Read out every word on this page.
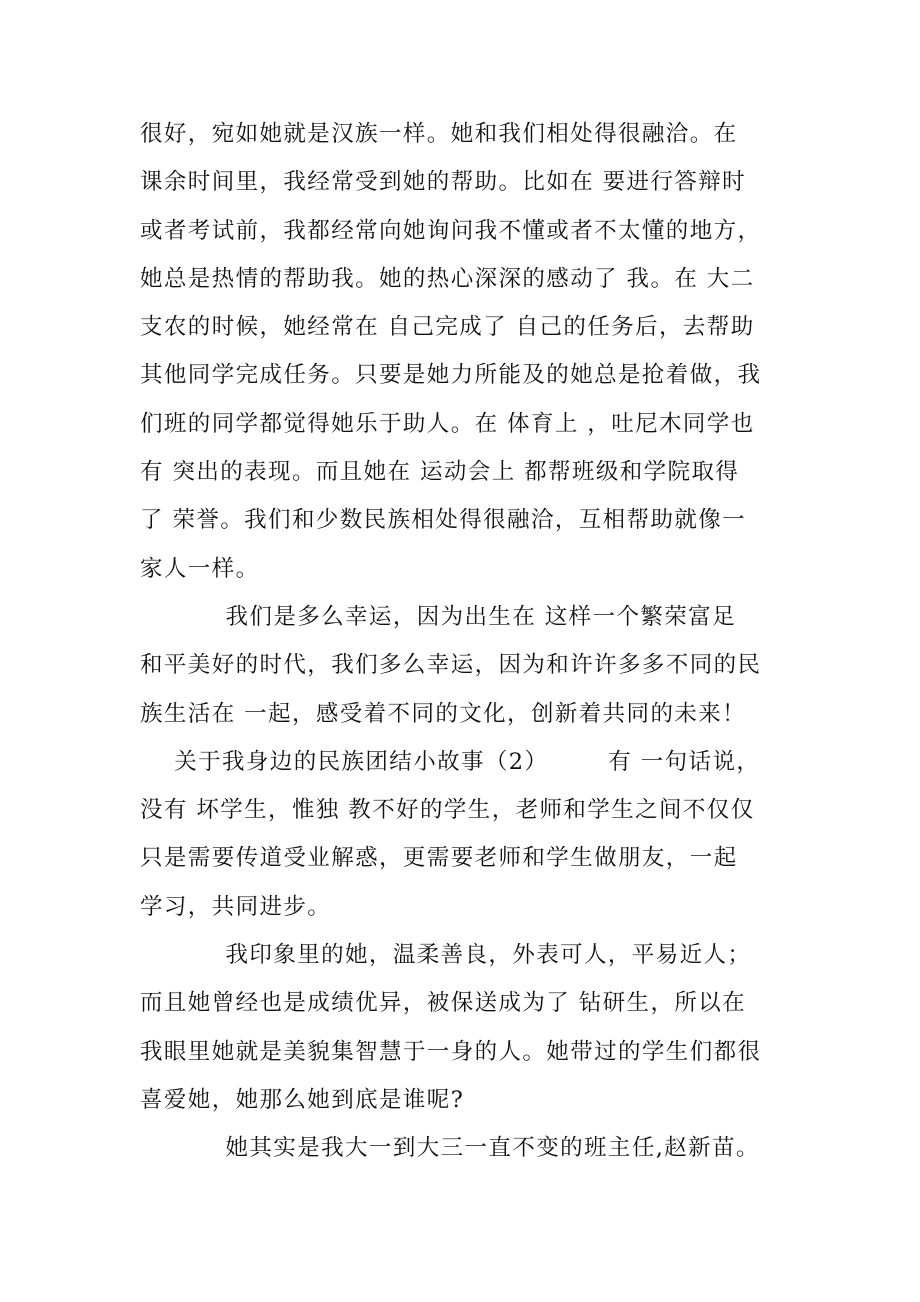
很好，宛如她就是汉族一样。她和我们相处得很融洽。在
课余时间里，我经常受到她的帮助。比如在 要进行答辩时
或者考试前，我都经常向她询问我不懂或者不太懂的地方，
她总是热情的帮助我。她的热心深深的感动了 我。在 大二
支农的时候，她经常在 自己完成了 自己的任务后，去帮助
其他同学完成任务。只要是她力所能及的她总是抢着做，我
们班的同学都觉得她乐于助人。在 体育上 ，吐尼木同学也
有 突出的表现。而且她在 运动会上 都帮班级和学院取得
了 荣誉。我们和少数民族相处得很融洽，互相帮助就像一
家人一样。
我们是多么幸运，因为出生在 这样一个繁荣富足
和平美好的时代，我们多么幸运，因为和许许多多不同的民
族生活在 一起，感受着不同的文化，创新着共同的未来！
关于我身边的民族团结小故事（2）       有 一句话说，
没有 坏学生，惟独 教不好的学生，老师和学生之间不仅仅
只是需要传道受业解惑，更需要老师和学生做朋友，一起
学习，共同进步。
我印象里的她，温柔善良，外表可人，平易近人；
而且她曾经也是成绩优异，被保送成为了 钻研生，所以在
我眼里她就是美貌集智慧于一身的人。她带过的学生们都很
喜爱她，她那么她到底是谁呢?
她其实是我大一到大三一直不变的班主任,赵新苗。
